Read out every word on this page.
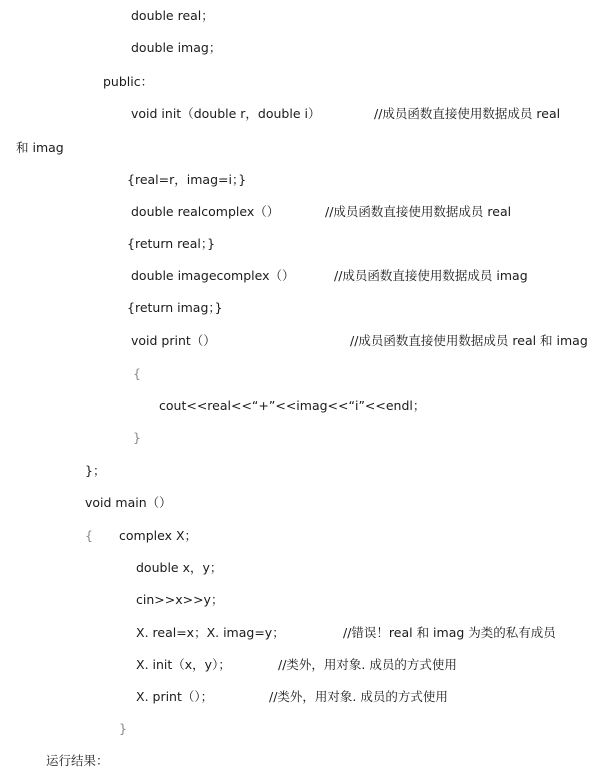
double real；
double imag；
public：
void init（double r，double i）	//成员函数直接使用数据成员 real
和 imag
{real=r，imag=i；}
double realcomplex（）	//成员函数直接使用数据成员 real
{return real；}
double imagecomplex（）	//成员函数直接使用数据成员 imag
{return imag；}
void print（）	//成员函数直接使用数据成员 real 和 imag
{
cout<<real<<“+”<<imag<<“i”<<endl；
}
}；
void main（）
{ complex X；
double x，y；
cin>>x>>y；
X. real=x；X. imag=y；	//错误！real 和 imag 为类的私有成员
X. init（x，y）；	//类外，用对象. 成员的方式使用
X. print（）；	//类外，用对象. 成员的方式使用
}
运行结果：
